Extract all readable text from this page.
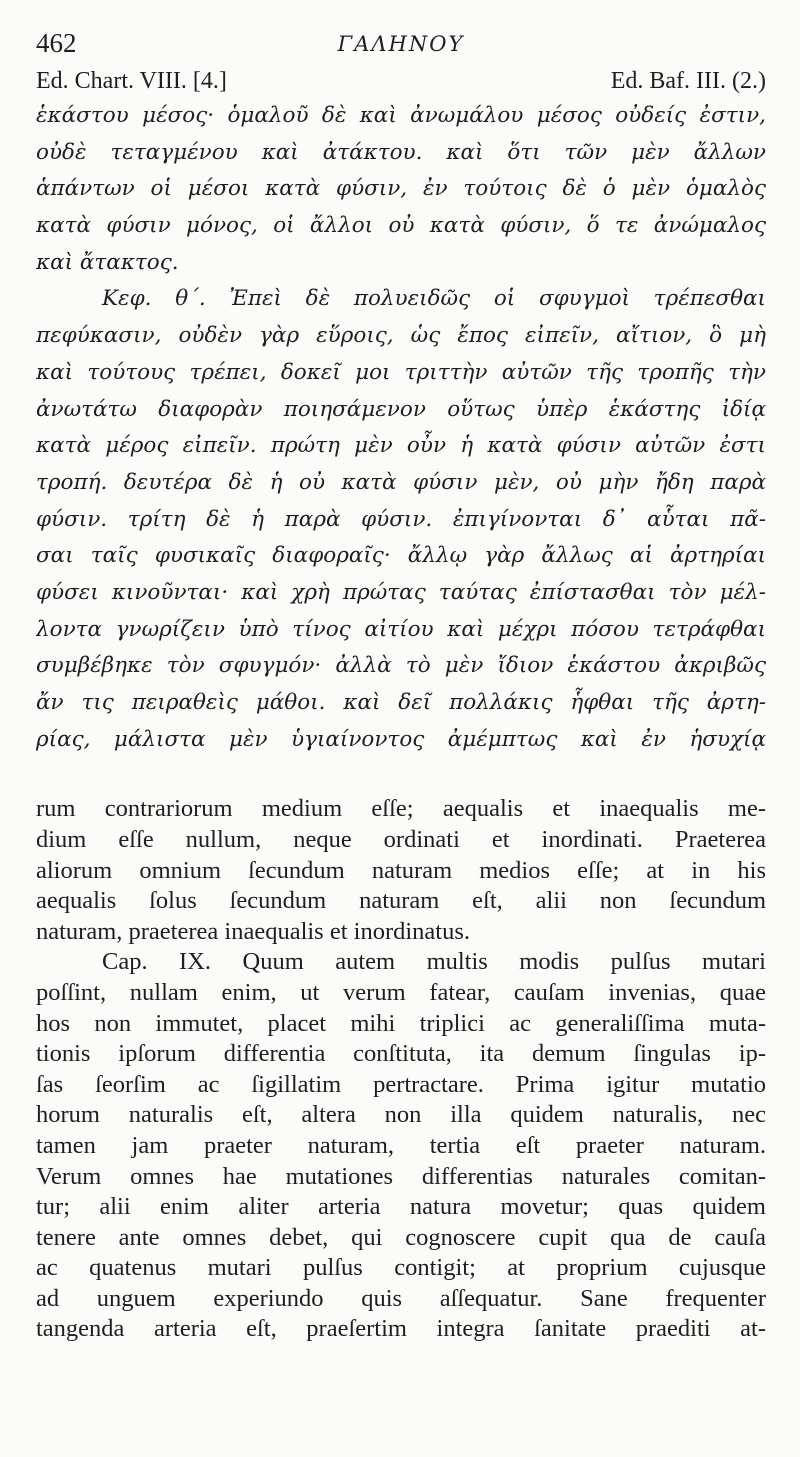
462	ΓΑΛΗΝΟΥ
Ed. Chart. VIII. [4.]	Ed. Baf. III. (2.)
ἑκάστου μέσος· ὁμαλοῦ δὲ καὶ ἀνωμάλου μέσος οὐδείς ἐστιν,
οὐδὲ τεταγμένου καὶ ἀτάκτου. καὶ ὅτι τῶν μὲν ἄλλων
ἁπάντων οἱ μέσοι κατὰ φύσιν, ἐν τούτοις δὲ ὁ μὲν ὁμαλὸς
κατὰ φύσιν μόνος, οἱ ἄλλοι οὐ κατὰ φύσιν, ὅ τε ἀνώμαλος
καὶ ἄτακτος.
Κεφ. θ΄. Ἐπεὶ δὲ πολυειδῶς οἱ σφυγμοὶ τρέπεσθαι
πεφύκασιν, οὐδὲν γὰρ εὕροις, ὡς ἔπος εἰπεῖν, αἴτιον, ὃ μὴ
καὶ τούτους τρέπει, δοκεῖ μοι τριττὴν αὐτῶν τῆς τροπῆς τὴν
ἀνωτάτω διαφορὰν ποιησάμενον οὕτως ὑπὲρ ἑκάστης ἰδίᾳ
κατὰ μέρος εἰπεῖν. πρώτη μὲν οὖν ἡ κατὰ φύσιν αὐτῶν ἐστι
τροπή. δευτέρα δὲ ἡ οὐ κατὰ φύσιν μὲν, οὐ μὴν ἤδη παρὰ
φύσιν. τρίτη δὲ ἡ παρὰ φύσιν. ἐπιγίνονται δ᾽ αὗται πᾶ-
σαι ταῖς φυσικαῖς διαφοραῖς· ἄλλῳ γὰρ ἄλλως αἱ ἀρτηρίαι
φύσει κινοῦνται· καὶ χρὴ πρώτας ταύτας ἐπίστασθαι τὸν μέλ-
λοντα γνωρίζειν ὑπὸ τίνος αἰτίου καὶ μέχρι πόσου τετράφθαι
συμβέβηκε τὸν σφυγμόν· ἀλλὰ τὸ μὲν ἴδιον ἑκάστου ἀκριβῶς
ἄν τις πειραθεὶς μάθοι. καὶ δεῖ πολλάκις ἧφθαι τῆς ἀρτη-
ρίας, μάλιστα μὲν ὑγιαίνοντος ἀμέμπτως καὶ ἐν ἡσυχίᾳ
rum contrariorum medium eſſe; aequalis et inaequalis me-
dium eſſe nullum, neque ordinati et inordinati. Praeterea
aliorum omnium ſecundum naturam medios eſſe; at in his
aequalis ſolus ſecundum naturam eſt, alii non ſecundum
naturam, praeterea inaequalis et inordinatus.
Cap. IX. Quum autem multis modis pulſus mutari
poſſint, nullam enim, ut verum fatear, cauſam invenias, quae
hos non immutet, placet mihi triplici ac generaliſſima muta-
tionis ipſorum differentia conſtituta, ita demum ſingulas ip-
ſas ſeorſim ac ſigillatim pertractare. Prima igitur mutatio
horum naturalis eſt, altera non illa quidem naturalis, nec
tamen jam praeter naturam, tertia eſt praeter naturam.
Verum omnes hae mutationes differentias naturales comitan-
tur; alii enim aliter arteria natura movetur; quas quidem
tenere ante omnes debet, qui cognoscere cupit qua de cauſa
ac quatenus mutari pulſus contigit; at proprium cujusque
ad unguem experiundo quis aſſequatur. Sane frequenter
tangenda arteria eſt, praeſertim integra ſanitate praediti at-
